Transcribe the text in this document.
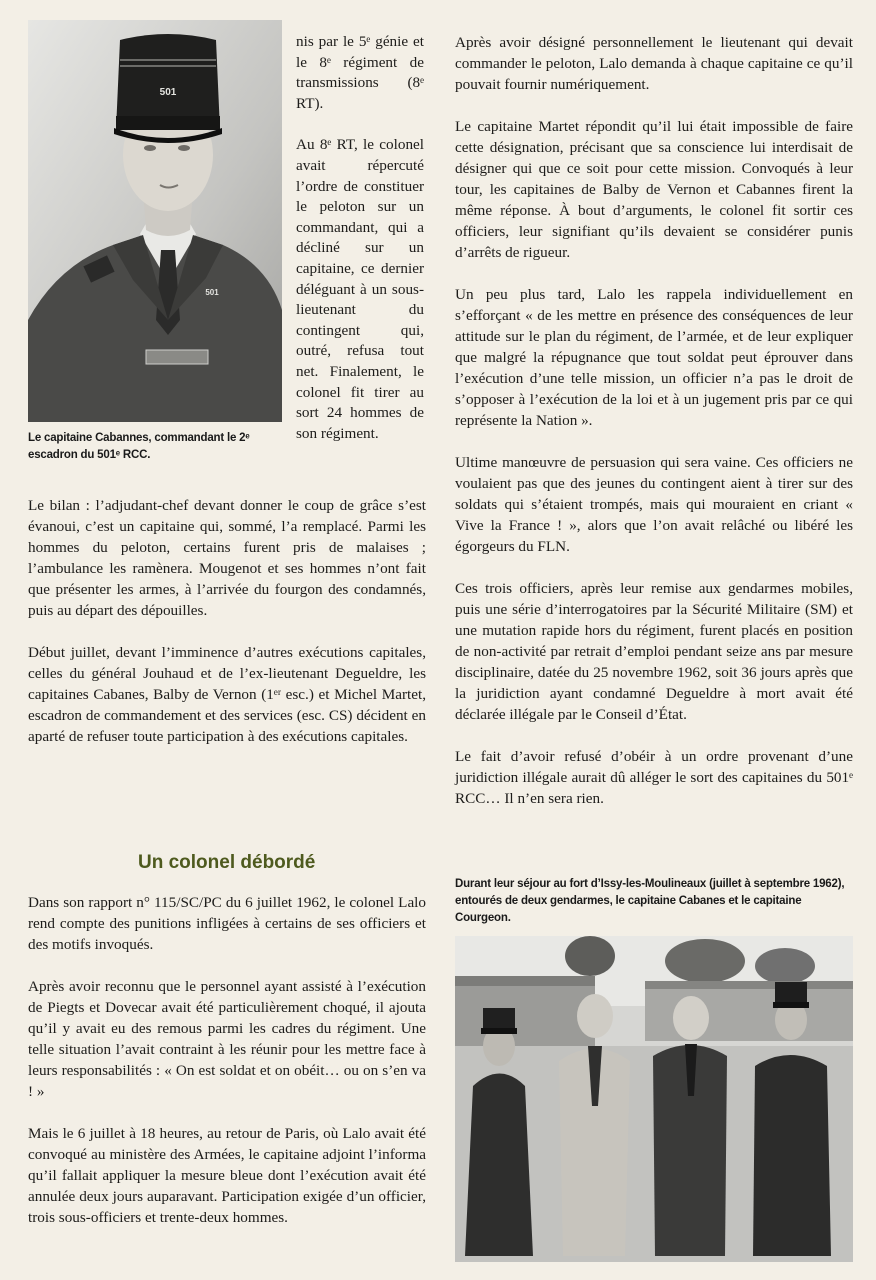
501
501
Le capitaine Cabannes, commandant le 2ᵉ escadron du 501ᵉ RCC.

nis par le 5ᵉ génie et le 8ᵉ régiment de transmissions (8ᵉ RT).

Au 8ᵉ RT, le colonel avait répercuté l’ordre de constituer le peloton sur un commandant, qui a décliné sur un capitaine, ce dernier déléguant à un sous-lieutenant du contingent qui, outré, refusa tout net. Finalement, le colonel fit tirer au sort 24 hommes de son régiment.

Le bilan : l’adjudant-chef devant donner le coup de grâce s’est évanoui, c’est un capitaine qui, sommé, l’a remplacé. Parmi les hommes du peloton, certains furent pris de malaises ; l’ambulance les ramènera. Mougenot et ses hommes n’ont fait que présenter les armes, à l’arrivée du fourgon des condamnés, puis au départ des dépouilles.

Début juillet, devant l’imminence d’autres exécutions capitales, celles du général Jouhaud et de l’ex-lieutenant Degueldre, les capitaines Cabanes, Balby de Vernon (1ᵉʳ esc.) et Michel Martet, escadron de commandement et des services (esc. CS) décident en aparté de refuser toute participation à des exécutions capitales.

Un colonel débordé

Dans son rapport n° 115/SC/PC du 6 juillet 1962, le colonel Lalo rend compte des punitions infligées à certains de ses officiers et des motifs invoqués.

Après avoir reconnu que le personnel ayant assisté à l’exécution de Piegts et Dovecar avait été particulièrement choqué, il ajouta qu’il y avait eu des remous parmi les cadres du régiment. Une telle situation l’avait contraint à les réunir pour les mettre face à leurs responsabilités : « On est soldat et on obéit… ou on s’en va ! »

Mais le 6 juillet à 18 heures, au retour de Paris, où Lalo avait été convoqué au ministère des Armées, le capitaine adjoint l’informa qu’il fallait appliquer la mesure bleue dont l’exécution avait été annulée deux jours auparavant. Participation exigée d’un officier, trois sous-officiers et trente-deux hommes.

Après avoir désigné personnellement le lieutenant qui devait commander le peloton, Lalo demanda à chaque capitaine ce qu’il pouvait fournir numériquement.

Le capitaine Martet répondit qu’il lui était impossible de faire cette désignation, précisant que sa conscience lui interdisait de désigner qui que ce soit pour cette mission. Convoqués à leur tour, les capitaines de Balby de Vernon et Cabannes firent la même réponse. À bout d’arguments, le colonel fit sortir ces officiers, leur signifiant qu’ils devaient se considérer punis d’arrêts de rigueur.

Un peu plus tard, Lalo les rappela individuellement en s’efforçant « de les mettre en présence des conséquences de leur attitude sur le plan du régiment, de l’armée, et de leur expliquer que malgré la répugnance que tout soldat peut éprouver dans l’exécution d’une telle mission, un officier n’a pas le droit de s’opposer à l’exécution de la loi et à un jugement pris par ce qui représente la Nation ».

Ultime manœuvre de persuasion qui sera vaine. Ces officiers ne voulaient pas que des jeunes du contingent aient à tirer sur des soldats qui s’étaient trompés, mais qui mouraient en criant « Vive la France ! », alors que l’on avait relâché ou libéré les égorgeurs du FLN.

Ces trois officiers, après leur remise aux gendarmes mobiles, puis une série d’interrogatoires par la Sécurité Militaire (SM) et une mutation rapide hors du régiment, furent placés en position de non-activité par retrait d’emploi pendant seize ans par mesure disciplinaire, datée du 25 novembre 1962, soit 36 jours après que la juridiction ayant condamné Degueldre à mort avait été déclarée illégale par le Conseil d’État.

Le fait d’avoir refusé d’obéir à un ordre provenant d’une juridiction illégale aurait dû alléger le sort des capitaines du 501ᵉ RCC… Il n’en sera rien.

Durant leur séjour au fort d’Issy-les-Moulineaux (juillet à septembre 1962), entourés de deux gendarmes, le capitaine Cabanes et le capitaine Courgeon.
